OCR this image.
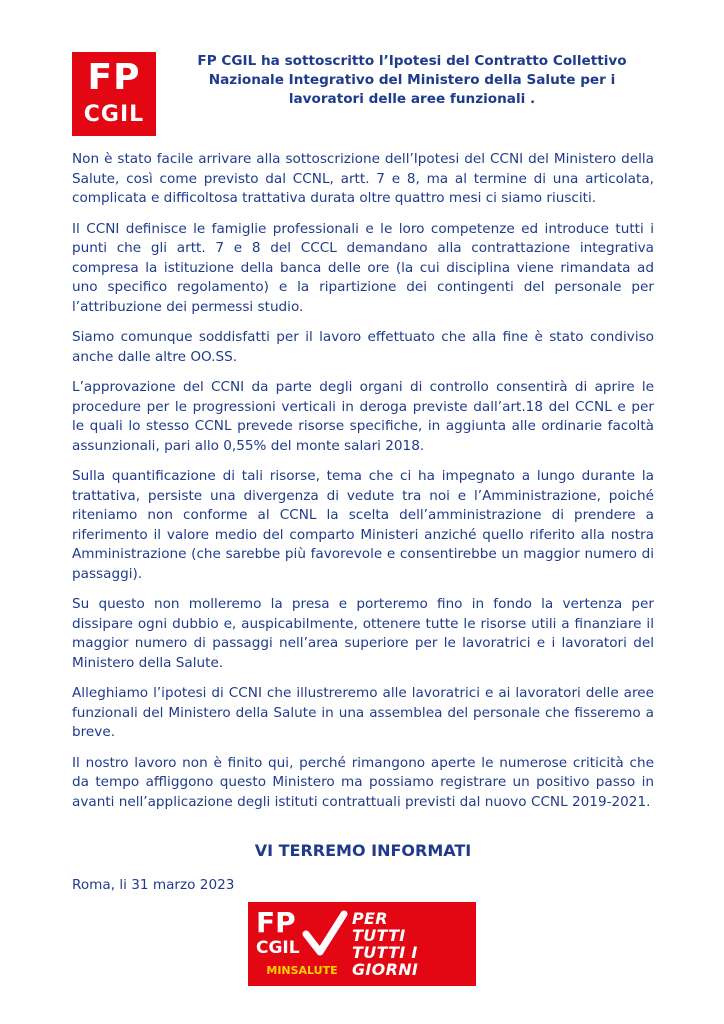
FP
CGIL
FP CGIL ha sottoscritto l’Ipotesi del Contratto Collettivo Nazionale Integrativo del Ministero della Salute per i lavoratori delle aree funzionali .

Non è stato facile arrivare alla sottoscrizione dell’Ipotesi del CCNI del Ministero della Salute, così come previsto dal CCNL, artt. 7 e 8, ma al termine di una articolata, complicata e difficoltosa trattativa durata oltre quattro mesi ci siamo riusciti.

Il CCNI definisce le famiglie professionali e le loro competenze ed introduce tutti i punti che gli artt. 7 e 8 del CCCL demandano alla contrattazione integrativa compresa la istituzione della banca delle ore (la cui disciplina viene rimandata ad uno specifico regolamento) e la ripartizione dei contingenti del personale per l’attribuzione dei permessi studio.

Siamo comunque soddisfatti per il lavoro effettuato che alla fine è stato condiviso anche dalle altre OO.SS.

L’approvazione del CCNI da parte degli organi di controllo consentirà di aprire le procedure per le progressioni verticali in deroga previste dall’art.18 del CCNL e per le quali lo stesso CCNL prevede risorse specifiche, in aggiunta alle ordinarie facoltà assunzionali, pari allo 0,55% del monte salari 2018.

Sulla quantificazione di tali risorse, tema che ci ha impegnato a lungo durante la trattativa, persiste una divergenza di vedute tra noi e l’Amministrazione, poiché riteniamo non conforme al CCNL la scelta dell’amministrazione di prendere a riferimento il valore medio del comparto Ministeri anziché quello riferito alla nostra Amministrazione (che sarebbe più favorevole e consentirebbe un maggior numero di passaggi).

Su questo non molleremo la presa e porteremo fino in fondo la vertenza per dissipare ogni dubbio e, auspicabilmente, ottenere tutte le risorse utili a finanziare il maggior numero di passaggi nell’area superiore per le lavoratrici e i lavoratori del Ministero della Salute.

Alleghiamo l’ipotesi di CCNI che illustreremo alle lavoratrici e ai lavoratori delle aree funzionali del Ministero della Salute in una assemblea del personale che fisseremo a breve.

Il nostro lavoro non è finito qui, perché rimangono aperte le numerose criticità che da tempo affliggono questo Ministero ma possiamo registrare un positivo passo in avanti nell’applicazione degli istituti contrattuali previsti dal nuovo CCNL 2019-2021.

VI TERREMO INFORMATI
Roma, li 31 marzo 2023
FP
CGIL
PER
TUTTI
TUTTI I
GIORNI
MINSALUTE
